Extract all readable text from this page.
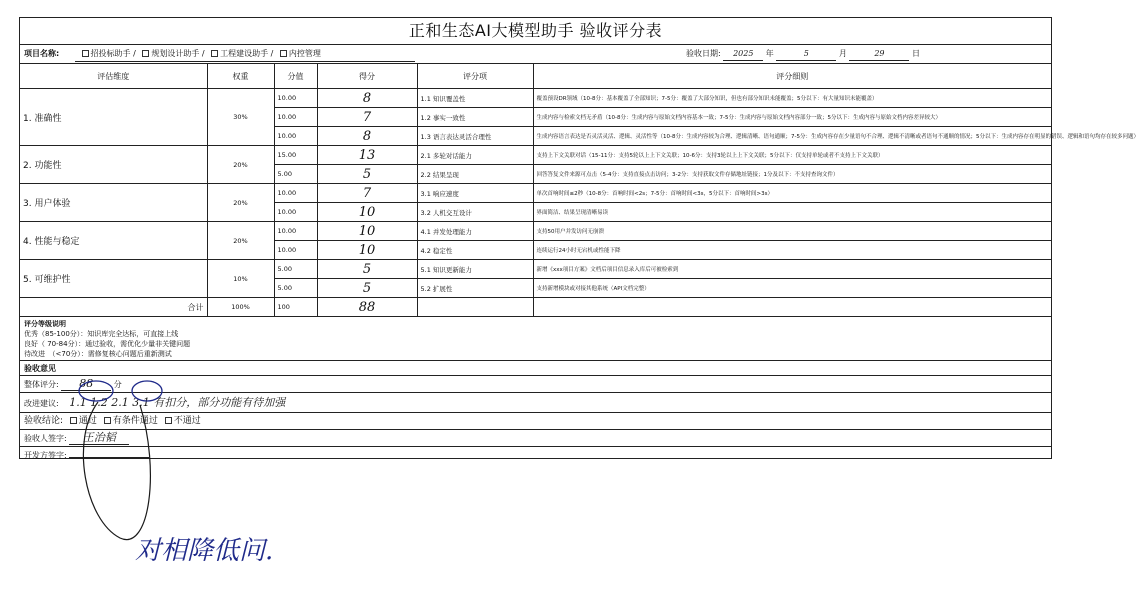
正和生态AI大模型助手 验收评分表
项目名称:	招投标助手 / 规划设计助手 / 工程建设助手 / 内控管理	验收日期: 2025 年	5	月	29	日
评估维度	权重	分值	得分	评分项	评分细则
1. 准确性	30%	10.00	8	1.1 知识覆盖性	覆盖预设DR领域（10-8分：基本覆盖了全部知识；7-5分：覆盖了大部分知识，但也有部分知识未能覆盖；5分以下：有大量知识未能覆盖）
		10.00	7	1.2 事实一致性	生成内容与检索文档无矛盾（10-8分：生成内容与原始文档内容基本一致；7-5分：生成内容与原始文档内容部分一致；5分以下：生成内容与原始文档内容差异较大）
		10.00	8	1.3 语言表达灵活合理性	生成内容语言表达是否灵活灵活、逻辑、灵活性等（10-8分：生成内容较为合理、逻辑清晰、语句通顺；7-5分：生成内容存在少量语句不合理、逻辑不清晰或者语句不通顺的情况；5分以下：生成内容存在明显的错误、逻辑和语句均存在较多问题）
2. 功能性	20%	15.00	13	2.1 多轮对话能力	支持上下文关联对话（15-11分：支持5轮以上上下文关联；10-6分：支持3轮以上上下文关联；5分以下：仅支持单轮或者不支持上下文关联）
		5.00	5	2.2 结果呈现	回答答复文件来源可点击（5-4分：支持直接点击访问；3-2分：支持获取文件存储地址链接；1分及以下：不支持查询文件）
3. 用户体验	20%	10.00	7	3.1 响应速度	单次首响时间≤2秒（10-8分：首响时间<2s；7-5分：首响时间<3s，5分以下：首响时间>3s）
		10.00	10	3.2 人机交互设计	界面简洁、结果呈现清晰易读
4. 性能与稳定	20%	10.00	10	4.1 并发处理能力	支持50用户并发访问无崩溃
		10.00	10	4.2 稳定性	连续运行24小时无宕机或性能下降
5. 可维护性	10%	5.00	5	5.1 知识更新能力	新增《xxx项目方案》文档后项目信息录入库后可被检索到
		5.00	5	5.2 扩展性	支持新增模块或对接其他系统（API文档完整）
合计	100%	100	88		
评分等级说明
优秀（85-100分）：知识库完全达标，可直接上线
良好（ 70-84分）：通过验收，需优化少量非关键问题
待改进　（<70分）：需修复核心问题后重新测试
验收意见
整体评分: 88	分
改进建议: 1.1 1.2 2.1 3.1 有扣分，部分功能有待加强
验收结论: 通过 有条件通过 不通过
验收人签字: 王治韬
开发方签字:
对相降低问.
